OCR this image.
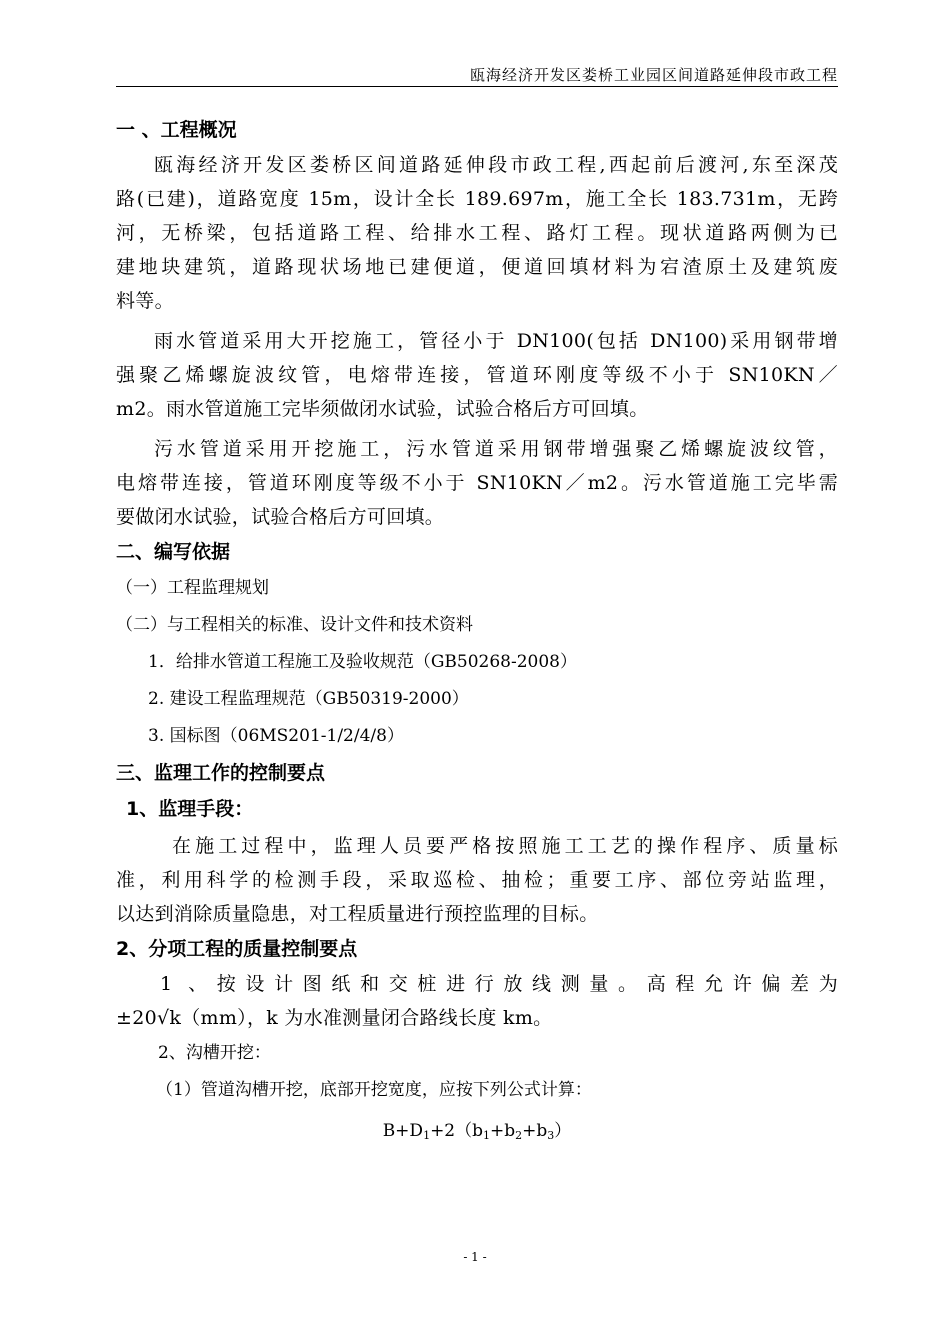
瓯海经济开发区娄桥工业园区间道路延伸段市政工程
一 、工程概况
瓯海经济开发区娄桥区间道路延伸段市政工程,西起前后渡河,东至深茂
路(已建)，道路宽度 15m，设计全长 189.697m，施工全长 183.731m，无跨
河，无桥梁，包括道路工程、给排水工程、路灯工程。现状道路两侧为已
建地块建筑，道路现状场地已建便道，便道回填材料为宕渣原土及建筑废
料等。
雨水管道采用大开挖施工，管径小于 DN100(包括 DN100)采用钢带增
强聚乙烯螺旋波纹管，电熔带连接，管道环刚度等级不小于 SN10KN／
m2。雨水管道施工完毕须做闭水试验，试验合格后方可回填。
污水管道采用开挖施工，污水管道采用钢带增强聚乙烯螺旋波纹管，
电熔带连接，管道环刚度等级不小于 SN10KN／m2。污水管道施工完毕需
要做闭水试验，试验合格后方可回填。
二、编写依据
（一）工程监理规划
（二）与工程相关的标准、设计文件和技术资料
1．给排水管道工程施工及验收规范（GB50268-2008）
2. 建设工程监理规范（GB50319-2000）
3. 国标图（06MS201-1/2/4/8）
三、监理工作的控制要点
1、监理手段：
在施工过程中，监理人员要严格按照施工工艺的操作程序、质量标
准，利用科学的检测手段，采取巡检、抽检；重要工序、部位旁站监理，
以达到消除质量隐患，对工程质量进行预控监理的目标。
2、分项工程的质量控制要点
1 、按设计图纸和交桩进行放线测量。高程允许偏差为
±20√k（mm），k 为水准测量闭合路线长度 km。
2、沟槽开挖：
（1）管道沟槽开挖，底部开挖宽度，应按下列公式计算：
$B+D_1+2(b_1+b_2+b_3)$
- 1 -
